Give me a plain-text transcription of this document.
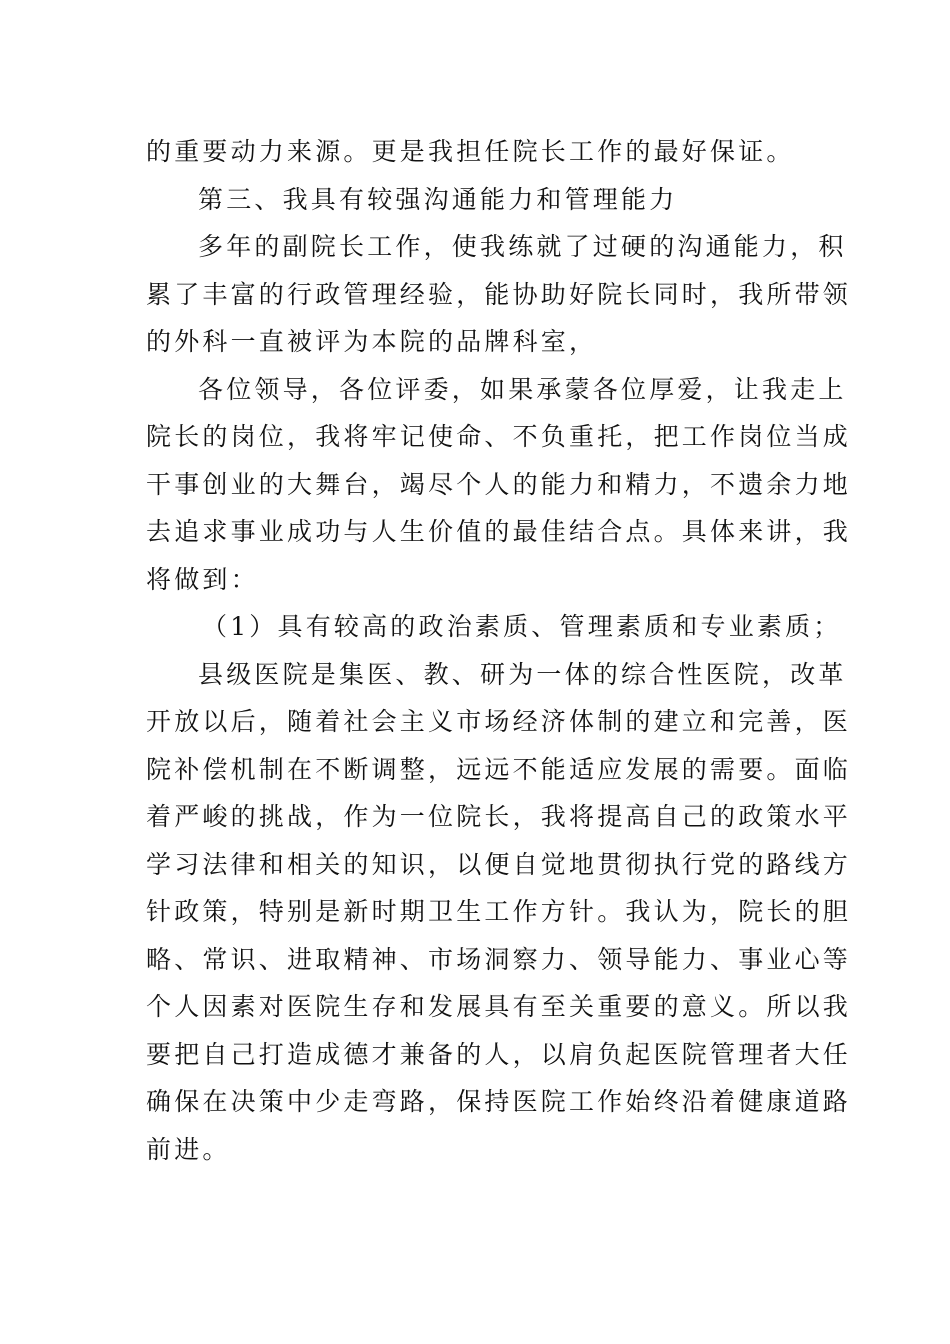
的重要动力来源。更是我担任院长工作的最好保证。
第三、我具有较强沟通能力和管理能力
多年的副院长工作，使我练就了过硬的沟通能力，积
累了丰富的行政管理经验，能协助好院长同时，我所带领
的外科一直被评为本院的品牌科室，
各位领导，各位评委，如果承蒙各位厚爱，让我走上
院长的岗位，我将牢记使命、不负重托，把工作岗位当成
干事创业的大舞台，竭尽个人的能力和精力，不遗余力地
去追求事业成功与人生价值的最佳结合点。具体来讲，我
将做到：
（1）具有较高的政治素质、管理素质和专业素质；
县级医院是集医、教、研为一体的综合性医院，改革
开放以后，随着社会主义市场经济体制的建立和完善，医
院补偿机制在不断调整，远远不能适应发展的需要。面临
着严峻的挑战，作为一位院长，我将提高自己的政策水平
学习法律和相关的知识，以便自觉地贯彻执行党的路线方
针政策，特别是新时期卫生工作方针。我认为，院长的胆
略、常识、进取精神、市场洞察力、领导能力、事业心等
个人因素对医院生存和发展具有至关重要的意义。所以我
要把自己打造成德才兼备的人，以肩负起医院管理者大任
确保在决策中少走弯路，保持医院工作始终沿着健康道路
前进。
